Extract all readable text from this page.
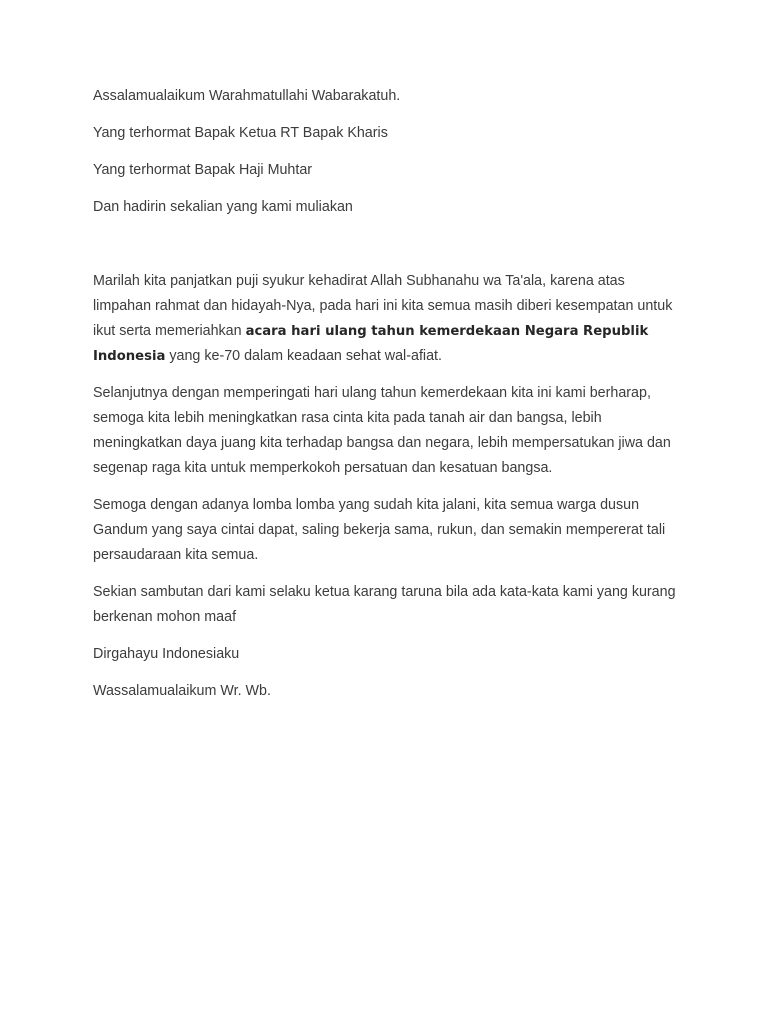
Assalamualaikum Warahmatullahi Wabarakatuh.

Yang terhormat Bapak Ketua RT Bapak Kharis

Yang terhormat Bapak Haji Muhtar

Dan hadirin sekalian yang kami muliakan

Marilah kita panjatkan puji syukur kehadirat Allah Subhanahu wa Ta'ala, karena atas limpahan rahmat dan hidayah-Nya, pada hari ini kita semua masih diberi kesempatan untuk ikut serta memeriahkan acara hari ulang tahun kemerdekaan Negara Republik Indonesia yang ke-70 dalam keadaan sehat wal-afiat.

Selanjutnya dengan memperingati hari ulang tahun kemerdekaan kita ini kami berharap, semoga kita lebih meningkatkan rasa cinta kita pada tanah air dan bangsa, lebih meningkatkan daya juang kita terhadap bangsa dan negara, lebih mempersatukan jiwa dan segenap raga kita untuk memperkokoh persatuan dan kesatuan bangsa.

Semoga dengan adanya lomba lomba yang sudah kita jalani, kita semua warga dusun Gandum yang saya cintai dapat, saling bekerja sama, rukun, dan semakin mempererat tali persaudaraan kita semua.

Sekian sambutan dari kami selaku ketua karang taruna bila ada kata-kata kami yang kurang berkenan mohon maaf

Dirgahayu Indonesiaku

Wassalamualaikum Wr. Wb.
